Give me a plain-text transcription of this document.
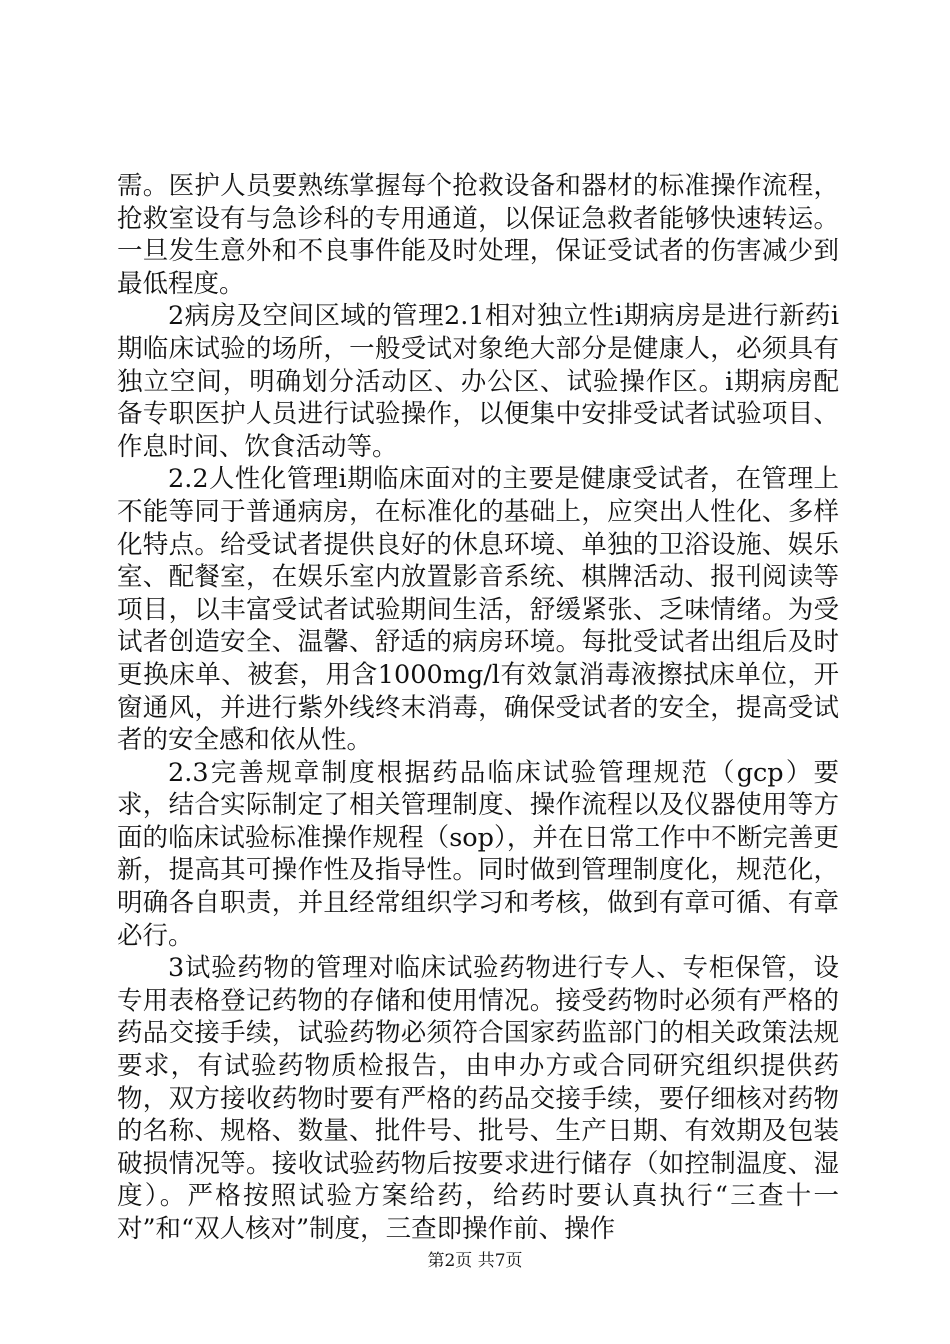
需。医护人员要熟练掌握每个抢救设备和器材的标准操作流程，抢救室设有与急诊科的专用通道，以保证急救者能够快速转运。一旦发生意外和不良事件能及时处理，保证受试者的伤害减少到最低程度。

2病房及空间区域的管理2.1相对独立性i期病房是进行新药i期临床试验的场所，一般受试对象绝大部分是健康人，必须具有独立空间，明确划分活动区、办公区、试验操作区。i期病房配备专职医护人员进行试验操作，以便集中安排受试者试验项目、作息时间、饮食活动等。

2.2人性化管理i期临床面对的主要是健康受试者，在管理上不能等同于普通病房，在标准化的基础上，应突出人性化、多样化特点。给受试者提供良好的休息环境、单独的卫浴设施、娱乐室、配餐室，在娱乐室内放置影音系统、棋牌活动、报刊阅读等项目，以丰富受试者试验期间生活，舒缓紧张、乏味情绪。为受试者创造安全、温馨、舒适的病房环境。每批受试者出组后及时更换床单、被套，用含1000mg/l有效氯消毒液擦拭床单位，开窗通风，并进行紫外线终末消毒，确保受试者的安全，提高受试者的安全感和依从性。

2.3完善规章制度根据药品临床试验管理规范（gcp）要求，结合实际制定了相关管理制度、操作流程以及仪器使用等方面的临床试验标准操作规程（sop），并在日常工作中不断完善更新，提高其可操作性及指导性。同时做到管理制度化，规范化，明确各自职责，并且经常组织学习和考核，做到有章可循、有章必行。

3试验药物的管理对临床试验药物进行专人、专柜保管，设专用表格登记药物的存储和使用情况。接受药物时必须有严格的药品交接手续，试验药物必须符合国家药监部门的相关政策法规要求，有试验药物质检报告，由申办方或合同研究组织提供药物，双方接收药物时要有严格的药品交接手续，要仔细核对药物的名称、规格、数量、批件号、批号、生产日期、有效期及包装破损情况等。接收试验药物后按要求进行储存（如控制温度、湿度）。严格按照试验方案给药，给药时要认真执行“三查十一对”和“双人核对”制度，三查即操作前、操作

第2页 共7页
